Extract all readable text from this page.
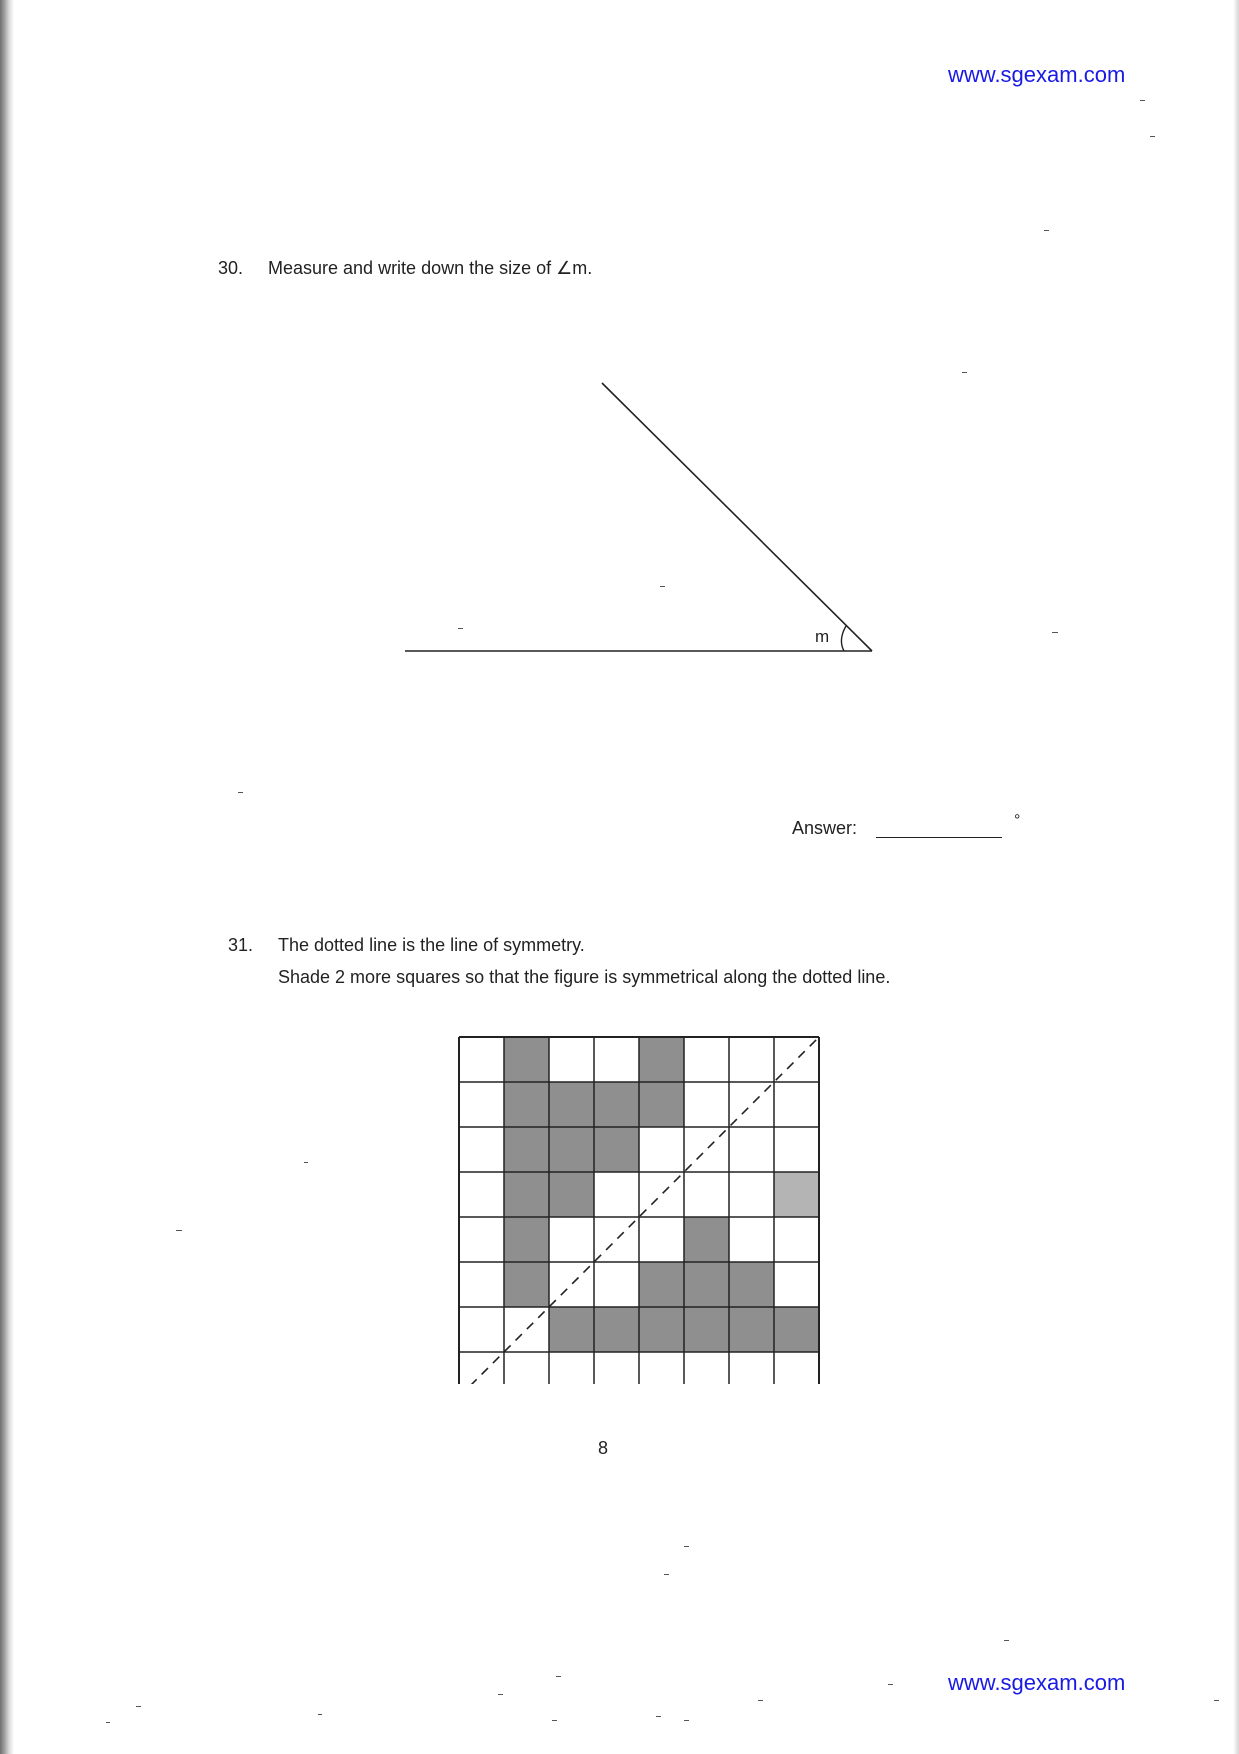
www.sgexam.com
30. Measure and write down the size of ∠m.
m
Answer:	°
31. The dotted line is the line of symmetry.
Shade 2 more squares so that the figure is symmetrical along the dotted line.
8
www.sgexam.com
